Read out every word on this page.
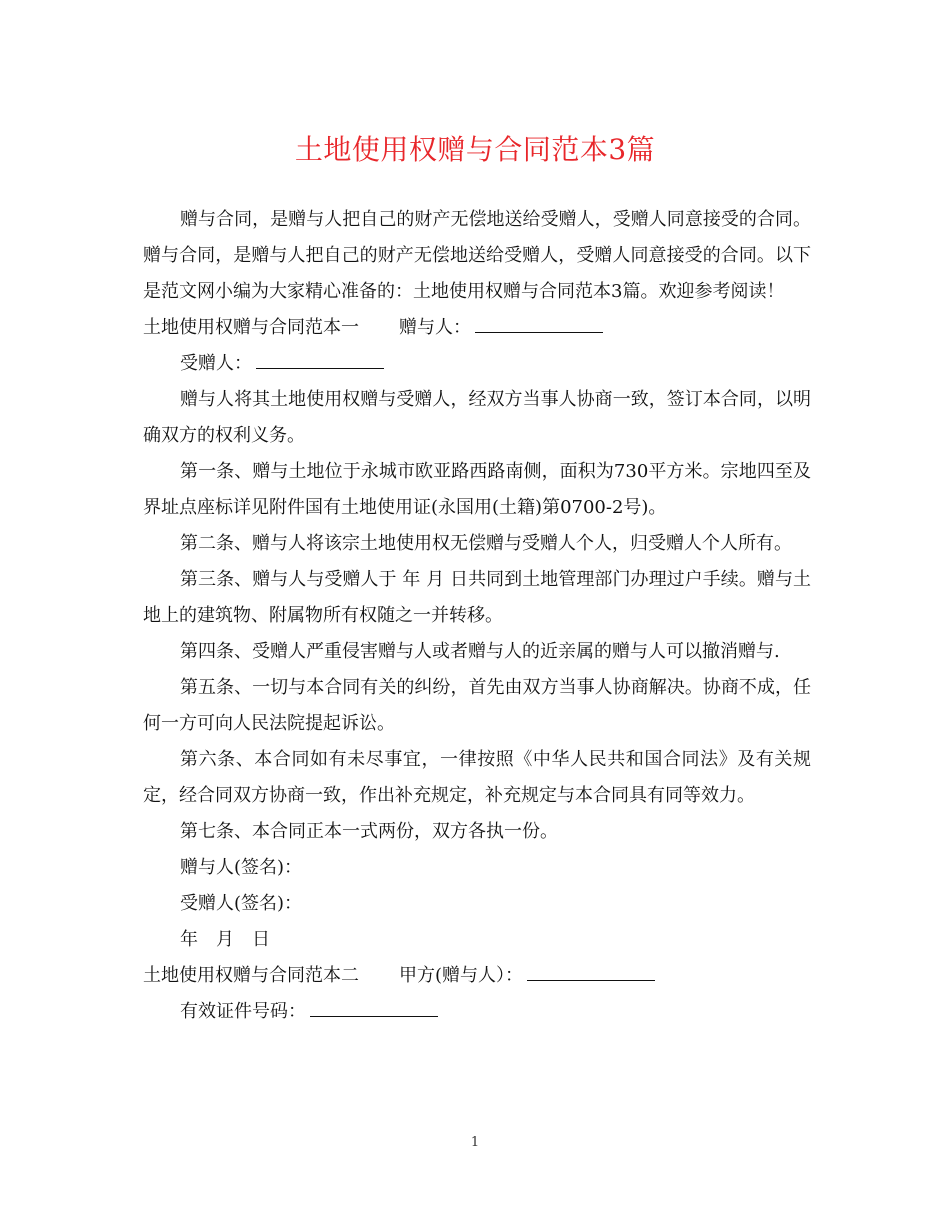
土地使用权赠与合同范本3篇

赠与合同，是赠与人把自己的财产无偿地送给受赠人，受赠人同意接受的合同。赠与合同，是赠与人把自己的财产无偿地送给受赠人，受赠人同意接受的合同。以下是范文网小编为大家精心准备的：土地使用权赠与合同范本3篇。欢迎参考阅读！

土地使用权赠与合同范本一 赠与人：

受赠人：

赠与人将其土地使用权赠与受赠人，经双方当事人协商一致，签订本合同，以明确双方的权利义务。

第一条、赠与土地位于永城市欧亚路西路南侧，面积为730平方米。宗地四至及界址点座标详见附件国有土地使用证(永国用(土籍)第0700-2号)。

第二条、赠与人将该宗土地使用权无偿赠与受赠人个人，归受赠人个人所有。

第三条、赠与人与受赠人于 年 月 日共同到土地管理部门办理过户手续。赠与土地上的建筑物、附属物所有权随之一并转移。

第四条、受赠人严重侵害赠与人或者赠与人的近亲属的赠与人可以撤消赠与.

第五条、一切与本合同有关的纠纷，首先由双方当事人协商解决。协商不成，任何一方可向人民法院提起诉讼。

第六条、本合同如有未尽事宜，一律按照《中华人民共和国合同法》及有关规定，经合同双方协商一致，作出补充规定，补充规定与本合同具有同等效力。

第七条、本合同正本一式两份，双方各执一份。

赠与人(签名)：

受赠人(签名)：

年　月　日

土地使用权赠与合同范本二 甲方(赠与人）：

有效证件号码：

1
